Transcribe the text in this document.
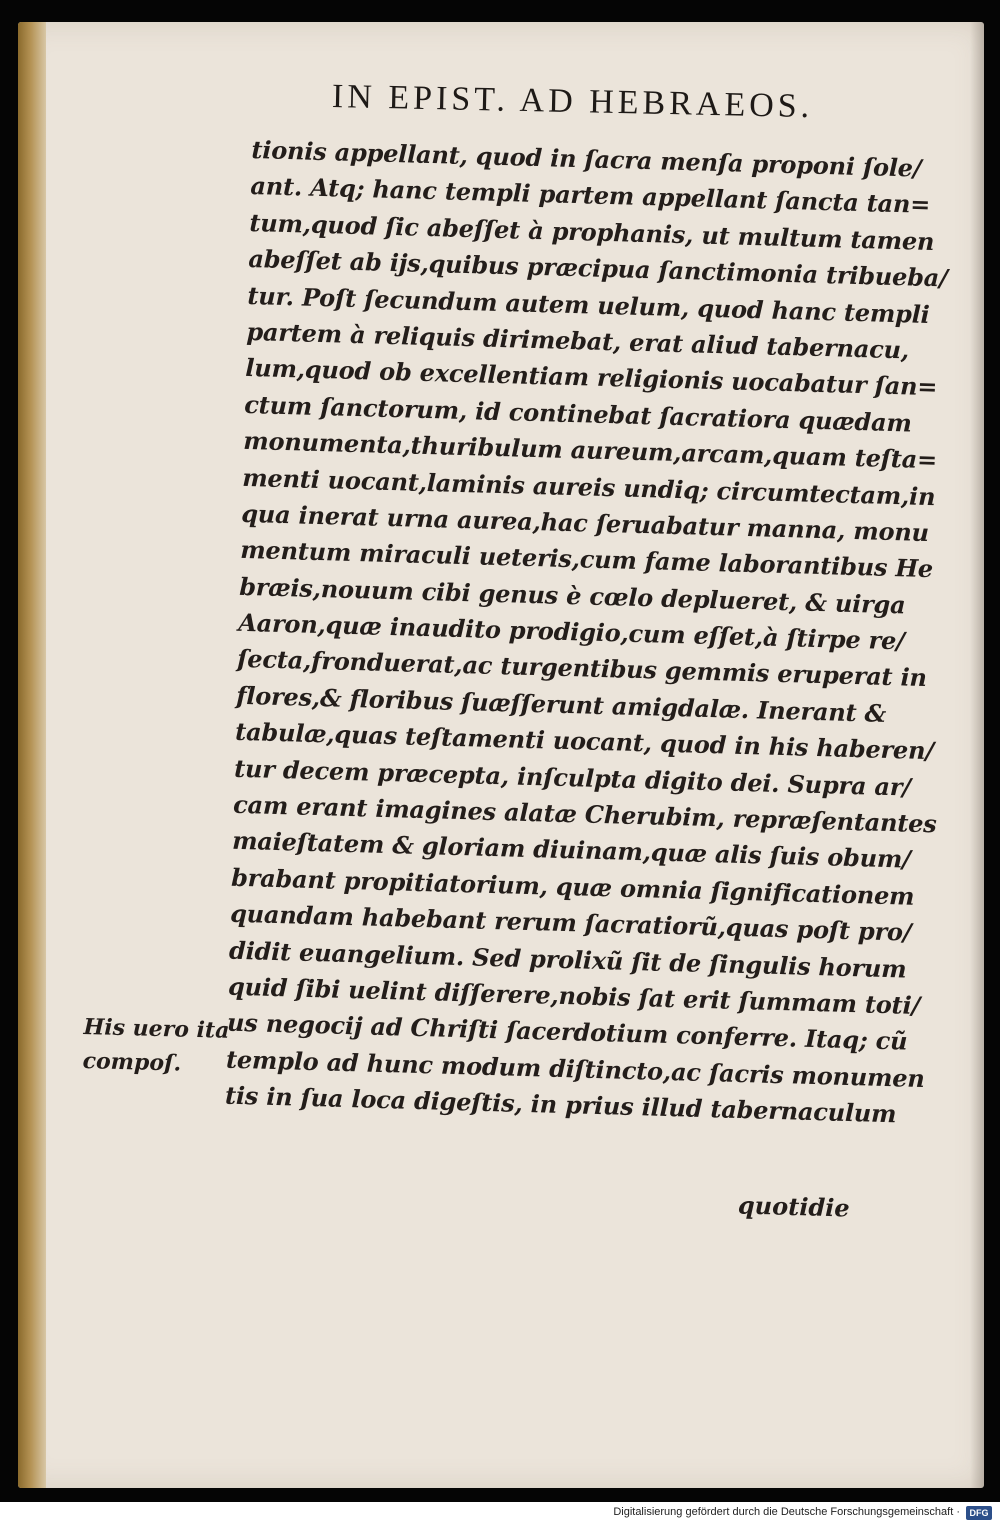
IN EPIST. AD HEBRAEOS.
tionis appellant, quod in ſacra menſa proponi ſole/
ant. Atq; hanc templi partem appellant ſancta tan=
tum,quod ſic abeſſet à prophanis, ut multum tamen
abeſſet ab ijs,quibus præcipua ſanctimonia tribueba/
tur. Poſt ſecundum autem uelum, quod hanc templi
partem à reliquis dirimebat, erat aliud tabernacu,
lum,quod ob excellentiam religionis uocabatur ſan=
ctum ſanctorum, id continebat ſacratiora quædam
monumenta,thuribulum aureum,arcam,quam teſta=
menti uocant,laminis aureis undiq; circumtectam,in
qua inerat urna aurea,hac ſeruabatur manna, monu
mentum miraculi ueteris,cum fame laborantibus He
bræis,nouum cibi genus è cœlo deplueret, & uirga
Aaron,quæ inaudito prodigio,cum eſſet,à ſtirpe re/
ſecta,fronduerat,ac turgentibus gemmis eruperat in
flores,& floribus ſuæſſerunt amigdalæ. Inerant &
tabulæ,quas teſtamenti uocant, quod in his haberen/
tur decem præcepta, inſculpta digito dei. Supra ar/
cam erant imagines alatæ Cherubim, repræſentantes
maieſtatem & gloriam diuinam,quæ alis ſuis obum/
brabant propitiatorium, quæ omnia ſignificationem
quandam habebant rerum ſacratiorũ,quas poſt pro/
didit euangelium. Sed prolixũ ſit de ſingulis horum
quid ſibi uelint diſſerere,nobis ſat erit ſummam toti/
us negocij ad Chriſti ſacerdotium conferre. Itaq; cũ
templo ad hunc modum diſtincto,ac ſacris monumen
tis in ſua loca digeſtis, in prius illud tabernaculum
His uero ita
compoſ.
quotidie
Digitalisierung gefördert durch die Deutsche Forschungsgemeinschaft ·	DFG
